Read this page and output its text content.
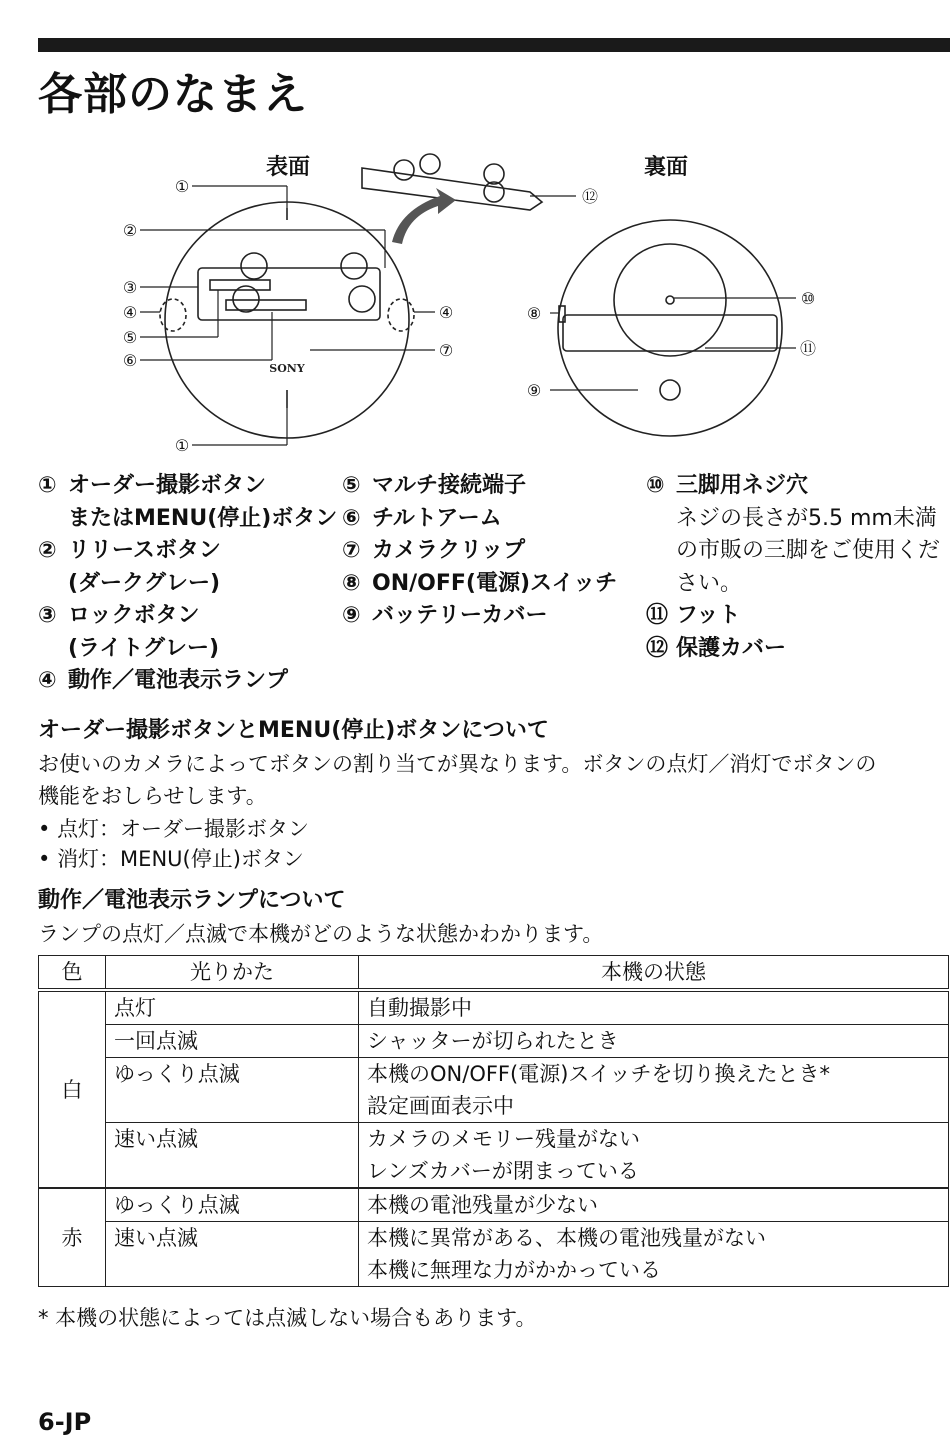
各部のなまえ
表面	裏面
SONY
①
②
③
④
⑤
⑥
④
⑦
⑧
⑨
⑩
⑪
⑫
①

① オーダー撮影ボタン

またはMENU(停止)ボタン

② リリースボタン

(ダークグレー)

③ ロックボタン

(ライトグレー)

④ 動作／電池表示ランプ

⑤ マルチ接続端子

⑥ チルトアーム

⑦ カメラクリップ

⑧ ON/OFF(電源)スイッチ

⑨ バッテリーカバー

⑩ 三脚用ネジ穴

ネジの長さが5.5 mm未満

の市販の三脚をご使用くだ

さい。

⑪ フット

⑫ 保護カバー

オーダー撮影ボタンとMENU(停止)ボタンについて

お使いのカメラによってボタンの割り当てが異なります。ボタンの点灯／消灯でボタンの

機能をおしらせします。

• 点灯：オーダー撮影ボタン

• 消灯：MENU(停止)ボタン

動作／電池表示ランプについて

ランプの点灯／点滅で本機がどのような状態かわかります。

色	光りかた	本機の状態
白	点灯	自動撮影中

	一回点滅	シャッターが切られたとき

	ゆっくり点滅	本機のON/OFF(電源)スイッチを切り換えたとき*
設定画面表示中

	速い点滅	カメラのメモリー残量がない
レンズカバーが閉まっている

赤	ゆっくり点滅	本機の電池残量が少ない

	速い点滅	本機に異常がある、本機の電池残量がない
本機に無理な力がかかっている

* 本機の状態によっては点滅しない場合もあります。

6-JP
